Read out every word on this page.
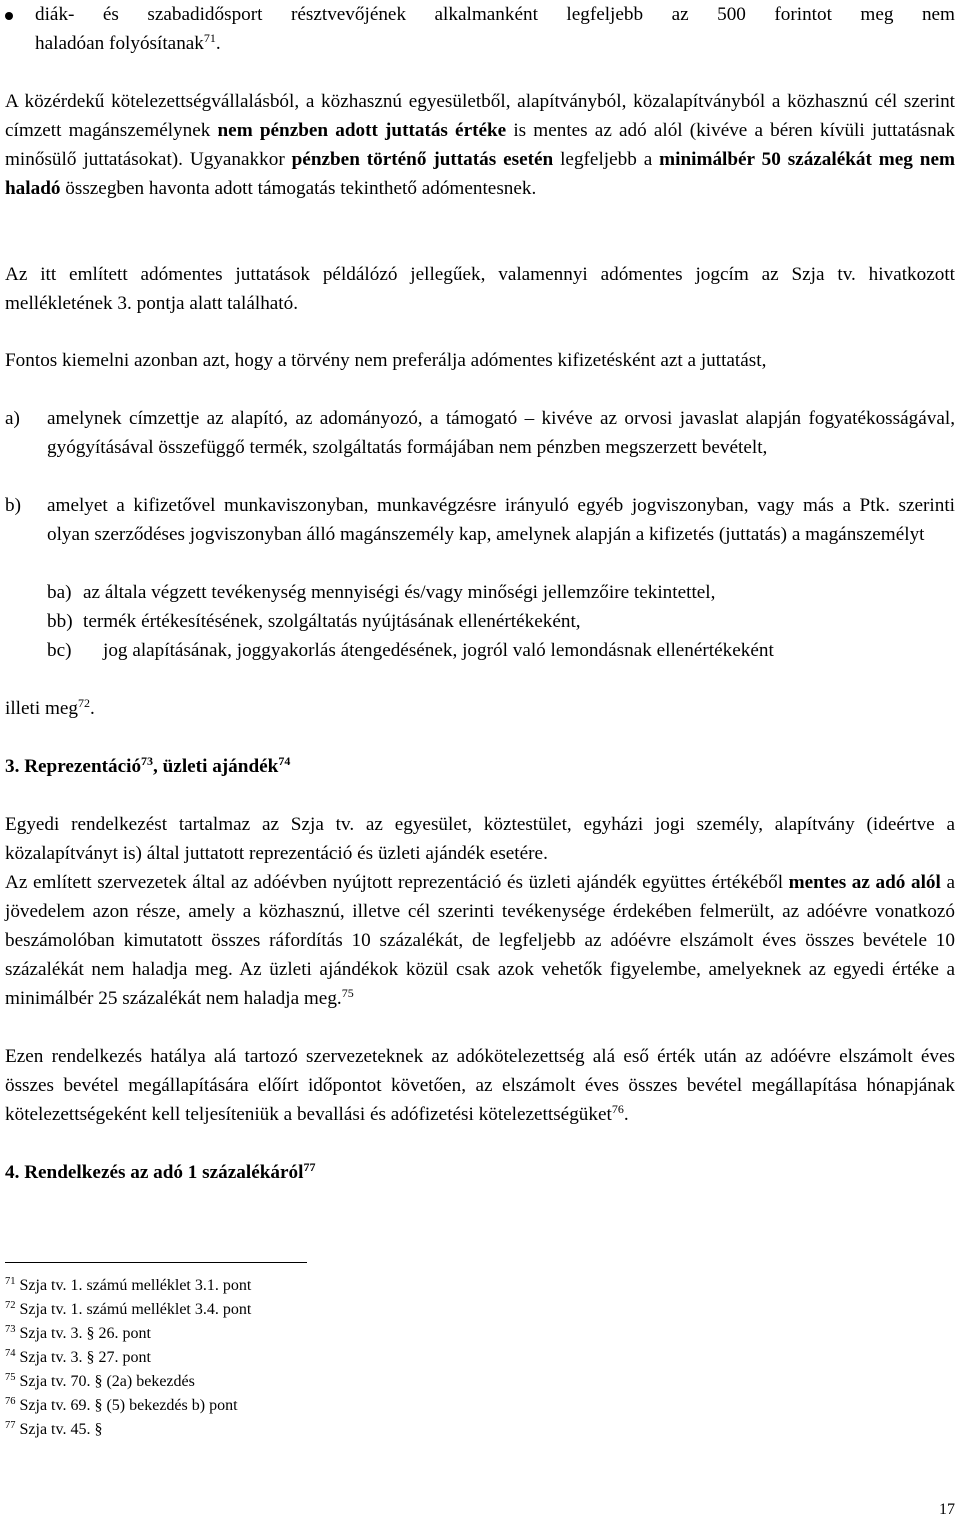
diák- és szabadidősport résztvevőjének alkalmanként legfeljebb az 500 forintot meg nem
haladóan folyósítanak$^{71}$.
A közérdekű kötelezettségvállalásból, a közhasznú egyesületből, alapítványból, közalapítványból a közhasznú cél szerint címzett magánszemélynek nem pénzben adott juttatás értéke is mentes az adó alól (kivéve a béren kívüli juttatásnak minősülő juttatásokat). Ugyanakkor pénzben történő juttatás esetén legfeljebb a minimálbér 50 százalékát meg nem haladó összegben havonta adott támogatás tekinthető adómentesnek.
Az itt említett adómentes juttatások példálózó jellegűek, valamennyi adómentes jogcím az Szja tv. hivatkozott mellékletének 3. pontja alatt található.
Fontos kiemelni azonban azt, hogy a törvény nem preferálja adómentes kifizetésként azt a juttatást,
a) amelynek címzettje az alapító, az adományozó, a támogató – kivéve az orvosi javaslat alapján fogyatékosságával, gyógyításával összefüggő termék, szolgáltatás formájában nem pénzben megszerzett bevételt,
b) amelyet a kifizetővel munkaviszonyban, munkavégzésre irányuló egyéb jogviszonyban, vagy más a Ptk. szerinti olyan szerződéses jogviszonyban álló magánszemély kap, amelynek alapján a kifizetés (juttatás) a magánszemélyt
ba) az általa végzett tevékenység mennyiségi és/vagy minőségi jellemzőire tekintettel,
bb) termék értékesítésének, szolgáltatás nyújtásának ellenértékeként,
bc) jog alapításának, joggyakorlás átengedésének, jogról való lemondásnak ellenértékeként
illeti meg$^{72}$.
3. Reprezentáció$^{73}$, üzleti ajándék$^{74}$
Egyedi rendelkezést tartalmaz az Szja tv. az egyesület, köztestület, egyházi jogi személy, alapítvány (ideértve a közalapítványt is) által juttatott reprezentáció és üzleti ajándék esetére.
Az említett szervezetek által az adóévben nyújtott reprezentáció és üzleti ajándék együttes értékéből mentes az adó alól a jövedelem azon része, amely a közhasznú, illetve cél szerinti tevékenysége érdekében felmerült, az adóévre vonatkozó beszámolóban kimutatott összes ráfordítás 10 százalékát, de legfeljebb az adóévre elszámolt éves összes bevétele 10 százalékát nem haladja meg. Az üzleti ajándékok közül csak azok vehetők figyelembe, amelyeknek az egyedi értéke a minimálbér 25 százalékát nem haladja meg.$^{75}$
Ezen rendelkezés hatálya alá tartozó szervezeteknek az adókötelezettség alá eső érték után az adóévre elszámolt éves összes bevétel megállapítására előírt időpontot követően, az elszámolt éves összes bevétel megállapítása hónapjának kötelezettségeként kell teljesíteniük a bevallási és adófizetési kötelezettségüket$^{76}$.
4. Rendelkezés az adó 1 százalékáról$^{77}$
$^{71}$ Szja tv. 1. számú melléklet 3.1. pont
$^{72}$ Szja tv. 1. számú melléklet 3.4. pont
$^{73}$ Szja tv. 3. § 26. pont
$^{74}$ Szja tv. 3. § 27. pont
$^{75}$ Szja tv. 70. § (2a) bekezdés
$^{76}$ Szja tv. 69. § (5) bekezdés b) pont
$^{77}$ Szja tv. 45. §
17
